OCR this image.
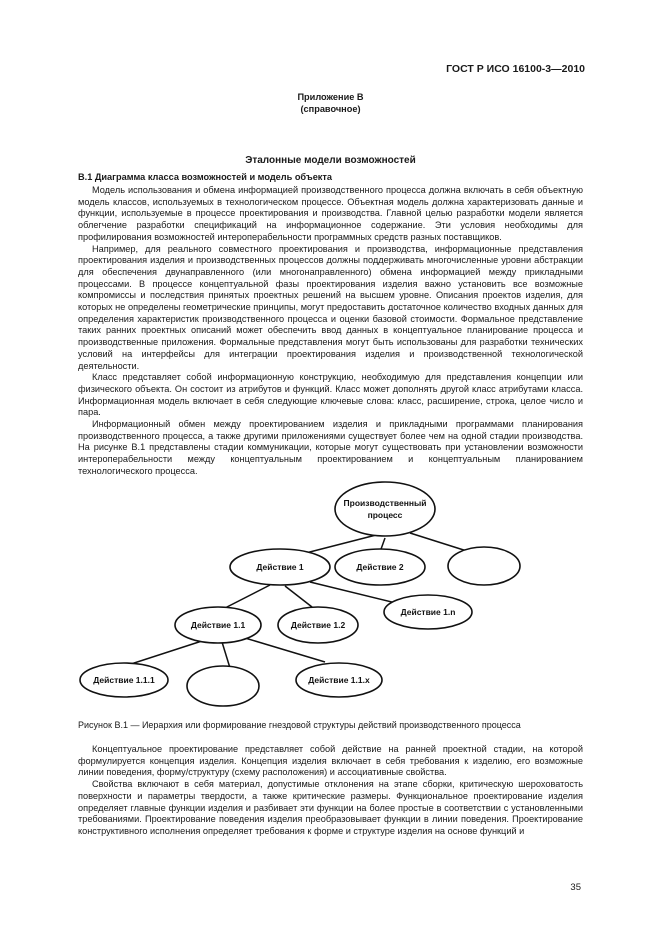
ГОСТ Р ИСО 16100-3—2010
Приложение В
(справочное)
Эталонные модели возможностей
В.1 Диаграмма класса возможностей и модель объекта

Модель использования и обмена информацией производственного процесса должна включать в себя объектную модель классов, используемых в технологическом процессе. Объектная модель должна характеризовать данные и функции, используемые в процессе проектирования и производства. Главной целью разработки модели является облегчение разработки спецификаций на информационное содержание. Эти условия необходимы для профилирования возможностей интероперабельности программных средств разных поставщиков.

Например, для реального совместного проектирования и производства, информационные представления проектирования изделия и производственных процессов должны поддерживать многочисленные уровни абстракции для обеспечения двунаправленного (или многонаправленного) обмена информацией между прикладными процессами. В процессе концептуальной фазы проектирования изделия важно установить все возможные компромиссы и последствия принятых проектных решений на высшем уровне. Описания проектов изделия, для которых не определены геометрические принципы, могут предоставить достаточное количество входных данных для определения характеристик производственного процесса и оценки базовой стоимости. Формальное представление таких ранних проектных описаний может обеспечить ввод данных в концептуальное планирование процесса и производственные приложения. Формальные представления могут быть использованы для разработки технических условий на интерфейсы для интеграции проектирования изделия и производственной технологической деятельности.

Класс представляет собой информационную конструкцию, необходимую для представления концепции или физического объекта. Он состоит из атрибутов и функций. Класс может дополнять другой класс атрибутами класса. Информационная модель включает в себя следующие ключевые слова: класс, расширение, строка, целое число и пара.

Информационный обмен между проектированием изделия и прикладными программами планирования производственного процесса, а также другими приложениями существует более чем на одной стадии производства. На рисунке В.1 представлены стадии коммуникации, которые могут существовать при установлении возможности интероперабельности между концептуальным проектированием и концептуальным планированием технологического процесса.

Производственный
процесс
Действие 1	Действие 2
Действие 1.1	Действие 1.2
Действие 1.n
Действие 1.1.1	Действие 1.1.x
Рисунок В.1 — Иерархия или формирование гнездовой структуры действий производственного процесса

Концептуальное проектирование представляет собой действие на ранней проектной стадии, на которой формулируется концепция изделия. Концепция изделия включает в себя требования к изделию, его возможные линии поведения, форму/структуру (схему расположения) и ассоциативные свойства.

Свойства включают в себя материал, допустимые отклонения на этапе сборки, критическую шероховатость поверхности и параметры твердости, а также критические размеры. Функциональное проектирование изделия определяет главные функции изделия и разбивает эти функции на более простые в соответствии с установленными требованиями. Проектирование поведения изделия преобразовывает функции в линии поведения. Проектирование конструктивного исполнения определяет требования к форме и структуре изделия на основе функций и

35
